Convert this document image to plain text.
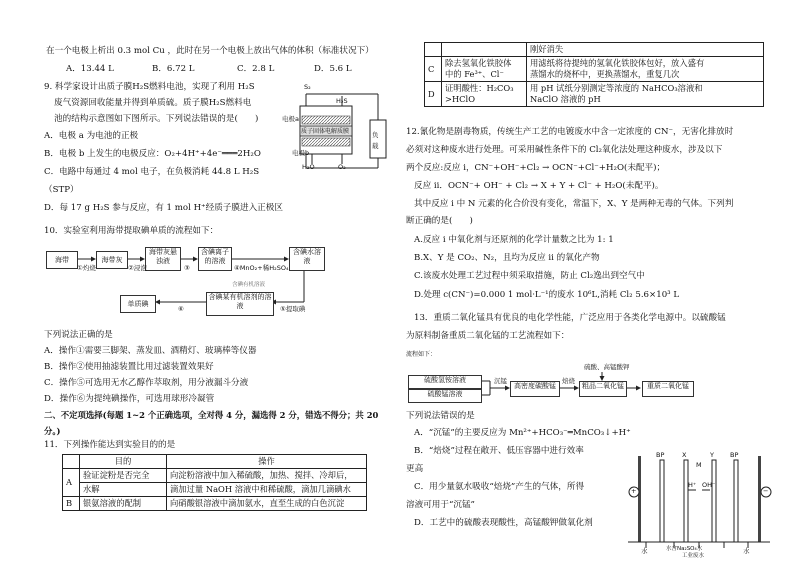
在一个电极上析出 0.3 mol Cu ，此时在另一个电极上放出气体的体积（标准状况下）
A．13.44 L	B．6.72 L	C．2.8 L	D．5.6 L
9. 科学家设计出质子膜H₂S燃料电池，实现了利用 H₂S
废气资源回收能量并得到单质硫。质子膜H₂S燃料电
池的结构示意图如下图所示。下列说法错误的是(　　)
A．电极 a 为电池的正极
B．电极 b 上发生的电极反应：O₂+4H⁺+4e⁻═══2H₂O
C．电路中每通过 4 mol 电子，在负极消耗 44.8 L H₂S
（STP）
D．每 17 g H₂S 参与反应，有 1 mol H⁺经质子膜进入正极区
S₂
H₂S
电极a
质子固体电解质膜
电极b
H₂O	O₂
负载
10．实验室利用海带提取碘单质的流程如下：
海带	海带灰
海带灰悬浊液
含碘离子的溶液
含碘水溶液
含碘某有机溶剂的溶液
单质碘
①灼烧	②浸泡	③	④MnO₂+稀H₂SO₄
⑤提取碘
⑥
含碘有机溶液
下列说法正确的是
A．操作①需要三脚架、蒸发皿、酒精灯、玻璃棒等仪器
B．操作②使用抽滤装置比用过滤装置效果好
C．操作⑤可选用无水乙醇作萃取剂，用分液漏斗分液
D．操作⑥为提纯碘操作，可选用球形冷凝管
二、不定项选择(每题 1~2 个正确选项，全对得 4 分，漏选得 2 分，错选不得分；共 20
分。)
11．下列操作能达到实验目的的是
	目的	操作
A	验证淀粉是否完全	向淀粉溶液中加入稀硫酸，加热、搅拌、冷却后，
	水解	滴加过量 NaOH 溶液中和稀硫酸，滴加几滴碘水
B	银氨溶液的配制	向硝酸银溶液中滴加氨水，直至生成的白色沉淀
		刚好消失
C	除去氢氧化铁胶体
中的 Fe³⁺、Cl⁻	用滤纸将待提纯的氢氧化铁胶体包好，放入盛有
蒸馏水的烧杯中，更换蒸馏水，重复几次
D	证明酸性：H₂CO₃
>HClO	用 pH 试纸分别测定等浓度的 NaHCO₃溶液和
NaClO 溶液的 pH
12.氰化物是剧毒物质，传统生产工艺的电镀废水中含一定浓度的 CN⁻，无害化排放时
必须对这种废水进行处理。可采用碱性条件下的 Cl₂氧化法处理这种废水，涉及以下
两个反应:反应 i，CN⁻+OH⁻+Cl₂ → OCN⁻+Cl⁻+H₂O(未配平)；
反应 ii．OCN⁻+ OH⁻ + Cl₂ → X + Y + Cl⁻ + H₂O(未配平)。
其中反应 i 中 N 元素的化合价没有变化，常温下，X、Y 是两种无毒的气体。下列判
断正确的是(　　)
A.反应 i 中氧化剂与还原剂的化学计量数之比为 1: 1
B.X、Y 是 CO₂、N₂，且均为反应 ii 的氧化产物
C.该废水处理工艺过程中须采取措施，防止 Cl₂逸出到空气中
D.处理 c(CN⁻)=0.000 1 mol·L⁻¹的废水 10⁶L,消耗 Cl₂ 5.6×10³ L
13．重质二氧化锰具有优良的电化学性能，广泛应用于各类化学电源中。以硫酸锰
为原料制备重质二氧化锰的工艺流程如下：
流程如下：
硫酸氢铵溶液
硫酸锰溶液
沉锰
高密度碳酸锰
焙烧
硫酸、高锰酸钾
粗品二氧化锰	重质二氧化锰
下列说法错误的是
A．“沉锰”的主要反应为 Mn²⁺+HCO₃⁻═MnCO₃↓+H⁺
B．“焙烧”过程在敞开、低压容器中进行效率
更高
C．用少量氨水吸收“焙烧”产生的气体，所得
溶液可用于“沉锰”
D．工艺中的硫酸表现酸性，高锰酸钾做氧化剂
+	−
BP	X	Y BP
M
H⁺ OH⁻
水	水含Na₂SO₄水	水
工业废水
